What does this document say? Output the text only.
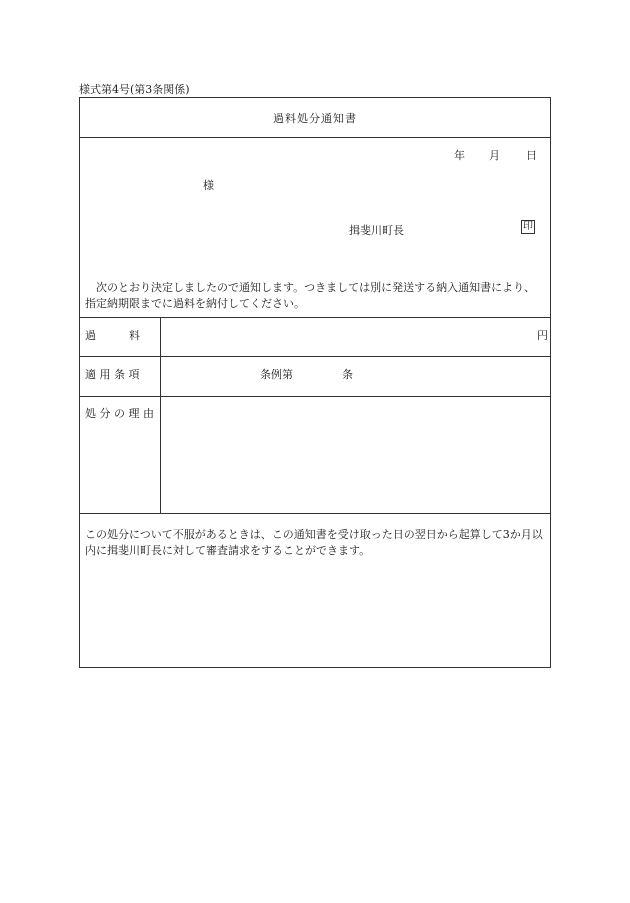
様式第4号(第3条関係)
過料処分通知書
年 月 日
様
揖斐川町長	印
次のとおり決定しましたので通知します。つきましては別に発送する納入通知書により、指定納期限までに過料を納付してください。
過　　　料	円
適 用 条 項	条例第	条
処 分 の 理 由
この処分について不服があるときは、この通知書を受け取った日の翌日から起算して3か月以内に揖斐川町長に対して審査請求をすることができます。
